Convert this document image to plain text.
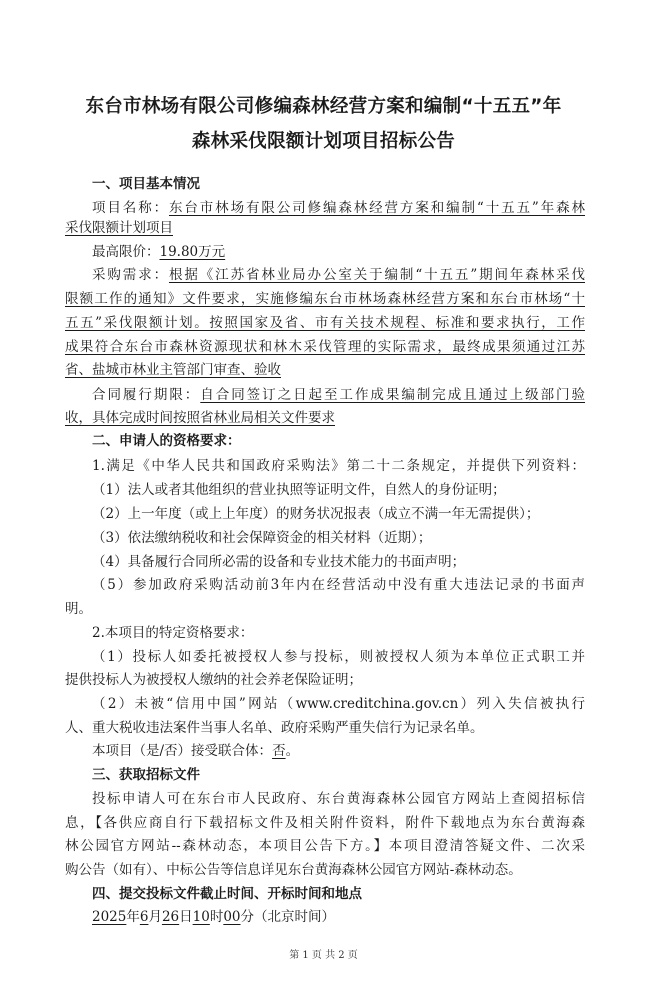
东台市林场有限公司修编森林经营方案和编制“十五五”年
森林采伐限额计划项目招标公告
一、项目基本情况
项目名称：东台市林场有限公司修编森林经营方案和编制“十五五”年森林
采伐限额计划项目
最高限价：19.80万元
采购需求：根据《江苏省林业局办公室关于编制“十五五”期间年森林采伐
限额工作的通知》文件要求，实施修编东台市林场森林经营方案和东台市林场“十
五五”采伐限额计划。按照国家及省、市有关技术规程、标准和要求执行，工作
成果符合东台市森林资源现状和林木采伐管理的实际需求，最终成果须通过江苏
省、盐城市林业主管部门审查、验收
合同履行期限：自合同签订之日起至工作成果编制完成且通过上级部门验
收，具体完成时间按照省林业局相关文件要求
二、申请人的资格要求：
1.满足《中华人民共和国政府采购法》第二十二条规定，并提供下列资料：
（1）法人或者其他组织的营业执照等证明文件，自然人的身份证明；
（2）上一年度（或上上年度）的财务状况报表（成立不满一年无需提供）；
（3）依法缴纳税收和社会保障资金的相关材料（近期）；
（4）具备履行合同所必需的设备和专业技术能力的书面声明；
（5）参加政府采购活动前3年内在经营活动中没有重大违法记录的书面声
明。
2.本项目的特定资格要求：
（1）投标人如委托被授权人参与投标，则被授权人须为本单位正式职工并
提供投标人为被授权人缴纳的社会养老保险证明；
（2）未被“信用中国”网站（www.creditchina.gov.cn）列入失信被执行
人、重大税收违法案件当事人名单、政府采购严重失信行为记录名单。
本项目（是/否）接受联合体：否。
三、获取招标文件
投标申请人可在东台市人民政府、东台黄海森林公园官方网站上查阅招标信
息，【各供应商自行下载招标文件及相关附件资料，附件下载地点为东台黄海森
林公园官方网站--森林动态，本项目公告下方。】本项目澄清答疑文件、二次采
购公告（如有）、中标公告等信息详见东台黄海森林公园官方网站-森林动态。
四、提交投标文件截止时间、开标时间和地点
2025年6月26日10时00分（北京时间）
第 1 页 共 2 页
